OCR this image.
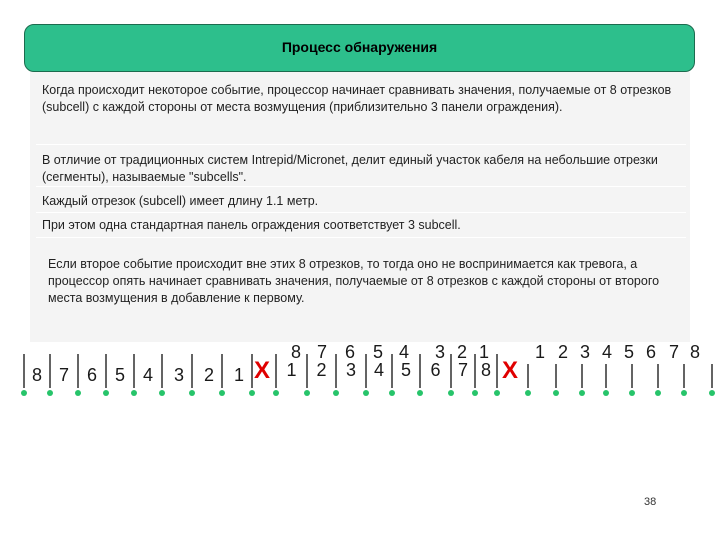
Процесс обнаружения
Когда происходит некоторое событие, процессор начинает сравнивать значения, получаемые от 8 отрезков (subcell) с каждой стороны от места возмущения (приблизительно 3 панели ограждения).
В отличие от традиционных систем Intrepid/Micronet, делит единый участок кабеля на небольшие отрезки (сегменты), называемые "subcells".
Каждый отрезок (subcell) имеет длину 1.1 метр.
При этом одна стандартная панель ограждения соответствует 3 subcell.
Если второе событие происходит вне этих 8 отрезков, то тогда оно не воспринимается как тревога, а процессор опять начинает сравнивать значения, получаемые от 8 отрезков с каждой стороны от второго места возмущения в добавление к первому.
8 7 6 5 4 3 2 1 X 1 2 3 4 5 6 7 8
8 7 6 5 4 3 2 1
X
1 2 3 4 5 6 7 8
38
